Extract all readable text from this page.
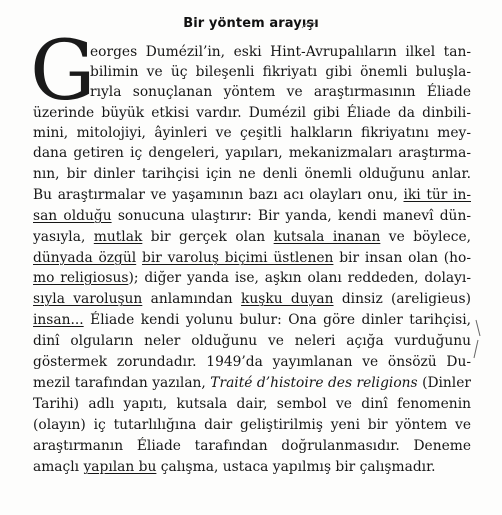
Bir yöntem arayışı
G
eorges Dumézil’in, eski Hint-Avrupalıların ilkel tan-
bilimin ve üç bileşenli fikriyatı gibi önemli buluşla-
rıyla sonuçlanan yöntem ve araştırmasının Éliade
üzerinde büyük etkisi vardır. Dumézil gibi Éliade da dinbili-
mini, mitolojiyi, âyinleri ve çeşitli halkların fikriyatını mey-
dana getiren iç dengeleri, yapıları, mekanizmaları araştırma-
nın, bir dinler tarihçisi için ne denli önemli olduğunu anlar.
Bu araştırmalar ve yaşamının bazı acı olayları onu, iki tür in-
san olduğu sonucuna ulaştırır: Bir yanda, kendi manevî dün-
yasıyla, mutlak bir gerçek olan kutsala inanan ve böylece,
dünyada özgül bir varoluş biçimi üstlenen bir insan olan (ho-
mo religiosus); diğer yanda ise, aşkın olanı reddeden, dolayı-
sıyla varoluşun anlamından kuşku duyan dinsiz (areligieus)
insan... Éliade kendi yolunu bulur: Ona göre dinler tarihçisi,
dinî olguların neler olduğunu ve neleri açığa vurduğunu
göstermek zorundadır. 1949’da yayımlanan ve önsözü Du-
mezil tarafından yazılan, Traité d’histoire des religions (Dinler
Tarihi) adlı yapıtı, kutsala dair, sembol ve dinî fenomenin
(olayın) iç tutarlılığına dair geliştirilmiş yeni bir yöntem ve
araştırmanın Éliade tarafından doğrulanmasıdır. Deneme
amaçlı yapılan bu çalışma, ustaca yapılmış bir çalışmadır.
